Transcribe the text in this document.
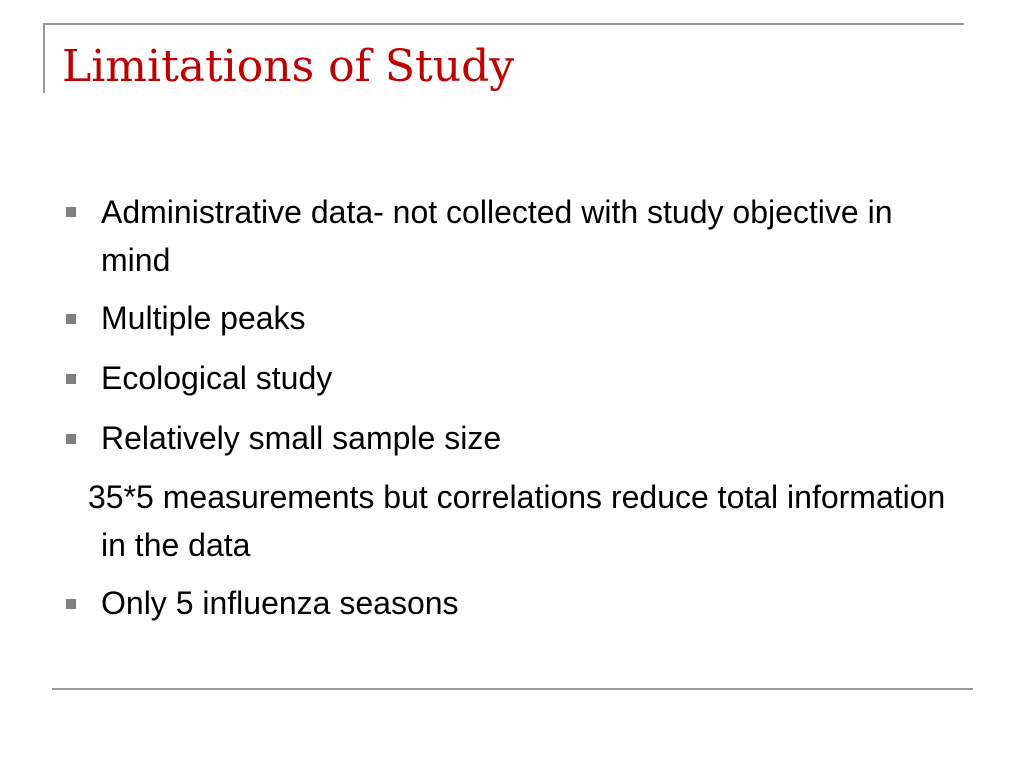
Limitations of Study
Administrative data- not collected with study objective in mind
Multiple peaks
Ecological study
Relatively small sample size
35*5 measurements but correlations reduce total information in the data
Only 5 influenza seasons
